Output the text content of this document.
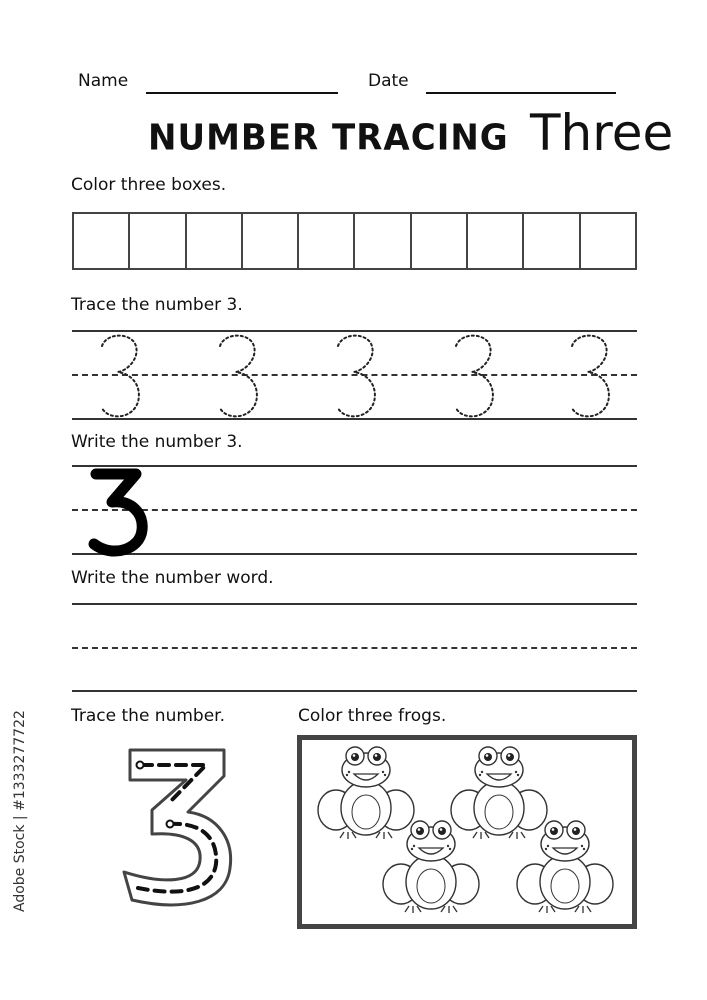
Name	Date
NUMBER TRACING Three
Color three boxes.
Trace the number 3.
Write the number 3.
Write the number word.
Trace the number.	Color three frogs.
Adobe Stock | #1333277722
